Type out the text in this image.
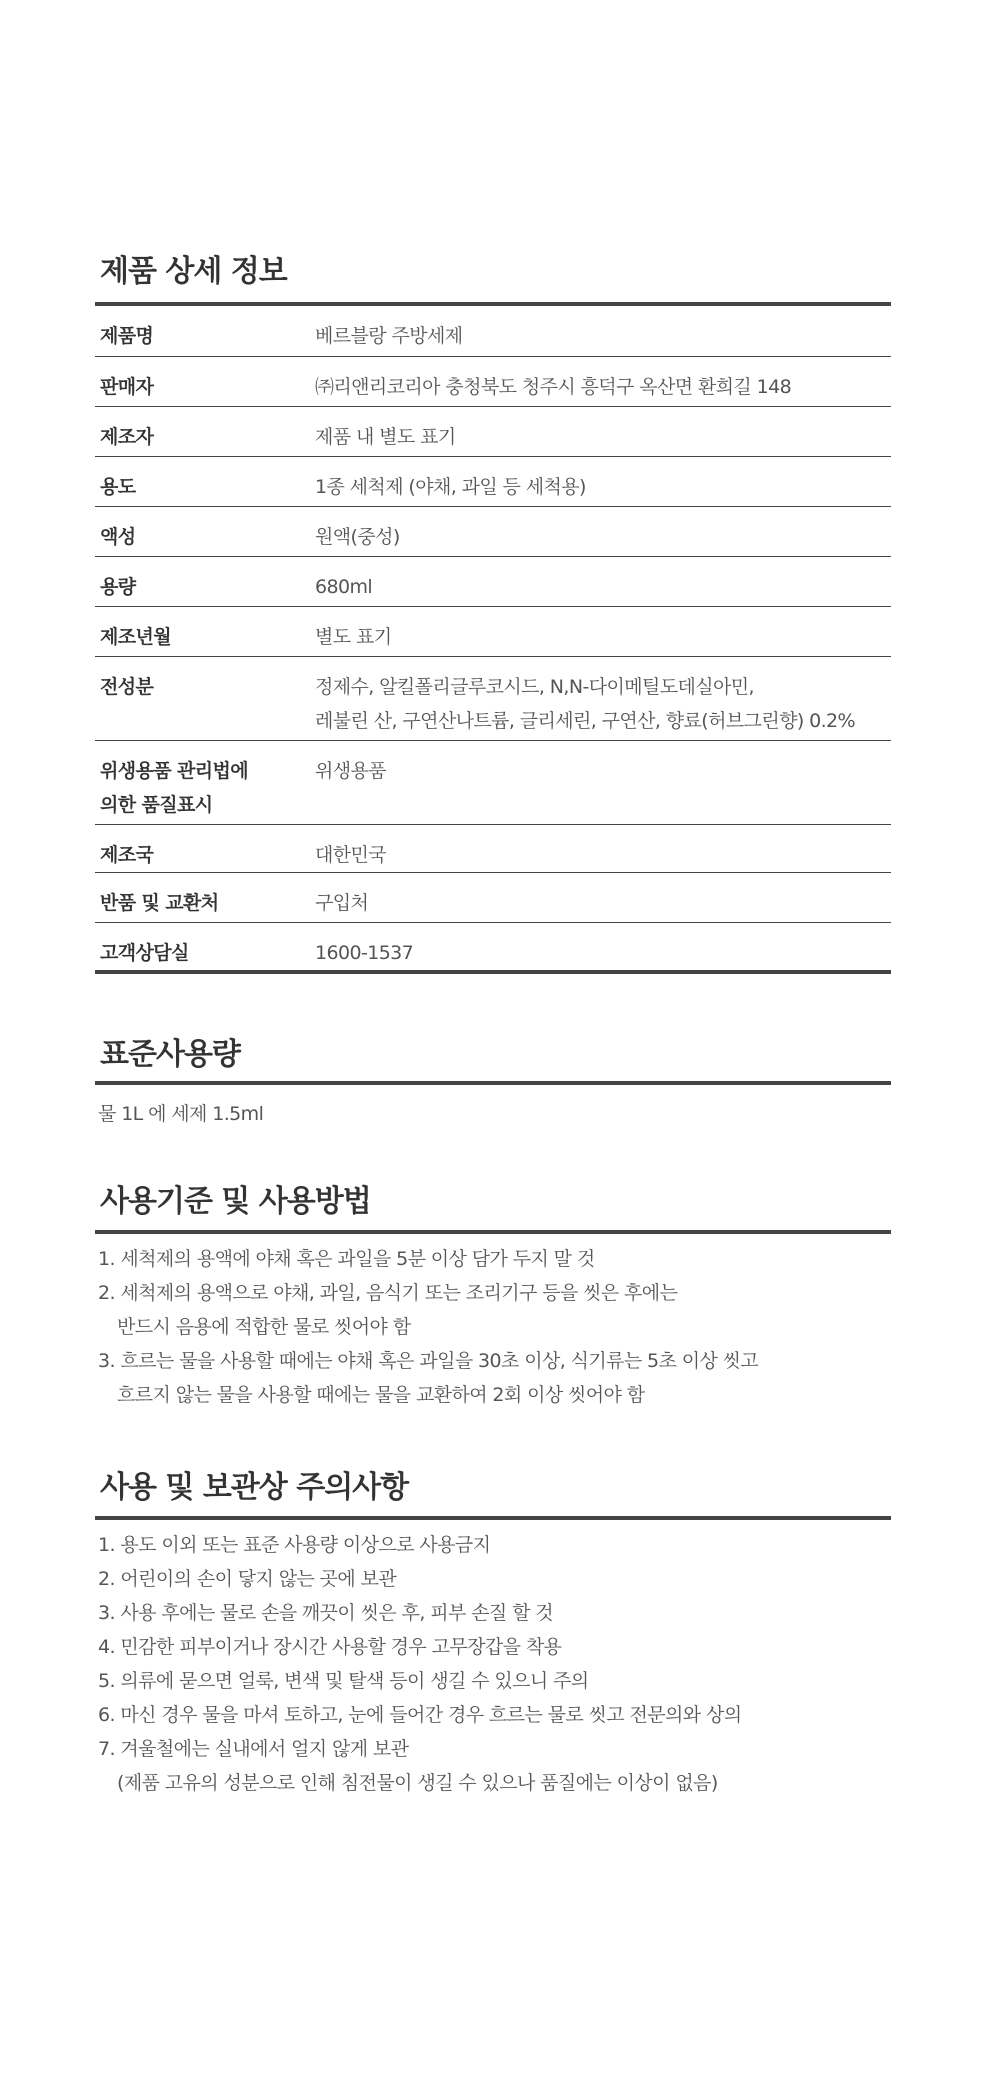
제품 상세 정보
제품명	베르블랑 주방세제
판매자	㈜리앤리코리아 충청북도 청주시 흥덕구 옥산면 환희길 148
제조자	제품 내 별도 표기
용도	1종 세척제 (야채, 과일 등 세척용)
액성	원액(중성)
용량	680ml
제조년월	별도 표기
전성분	정제수, 알킬폴리글루코시드, N,N-다이메틸도데실아민,
레불린 산, 구연산나트륨, 글리세린, 구연산, 향료(허브그린향) 0.2%

위생용품 관리법에
의한 품질표시	위생용품
제조국	대한민국
반품 및 교환처	구입처
고객상담실	1600-1537
표준사용량

물 1L 에 세제 1.5ml

사용기준 및 사용방법
1. 세척제의 용액에 야채 혹은 과일을 5분 이상 담가 두지 말 것
2. 세척제의 용액으로 야채, 과일, 음식기 또는 조리기구 등을 씻은 후에는
반드시 음용에 적합한 물로 씻어야 함
3. 흐르는 물을 사용할 때에는 야채 혹은 과일을 30초 이상, 식기류는 5초 이상 씻고
흐르지 않는 물을 사용할 때에는 물을 교환하여 2회 이상 씻어야 함
사용 및 보관상 주의사항
1. 용도 이외 또는 표준 사용량 이상으로 사용금지
2. 어린이의 손이 닿지 않는 곳에 보관
3. 사용 후에는 물로 손을 깨끗이 씻은 후, 피부 손질 할 것
4. 민감한 피부이거나 장시간 사용할 경우 고무장갑을 착용
5. 의류에 묻으면 얼룩, 변색 및 탈색 등이 생길 수 있으니 주의
6. 마신 경우 물을 마셔 토하고, 눈에 들어간 경우 흐르는 물로 씻고 전문의와 상의
7. 겨울철에는 실내에서 얼지 않게 보관
(제품 고유의 성분으로 인해 침전물이 생길 수 있으나 품질에는 이상이 없음)
